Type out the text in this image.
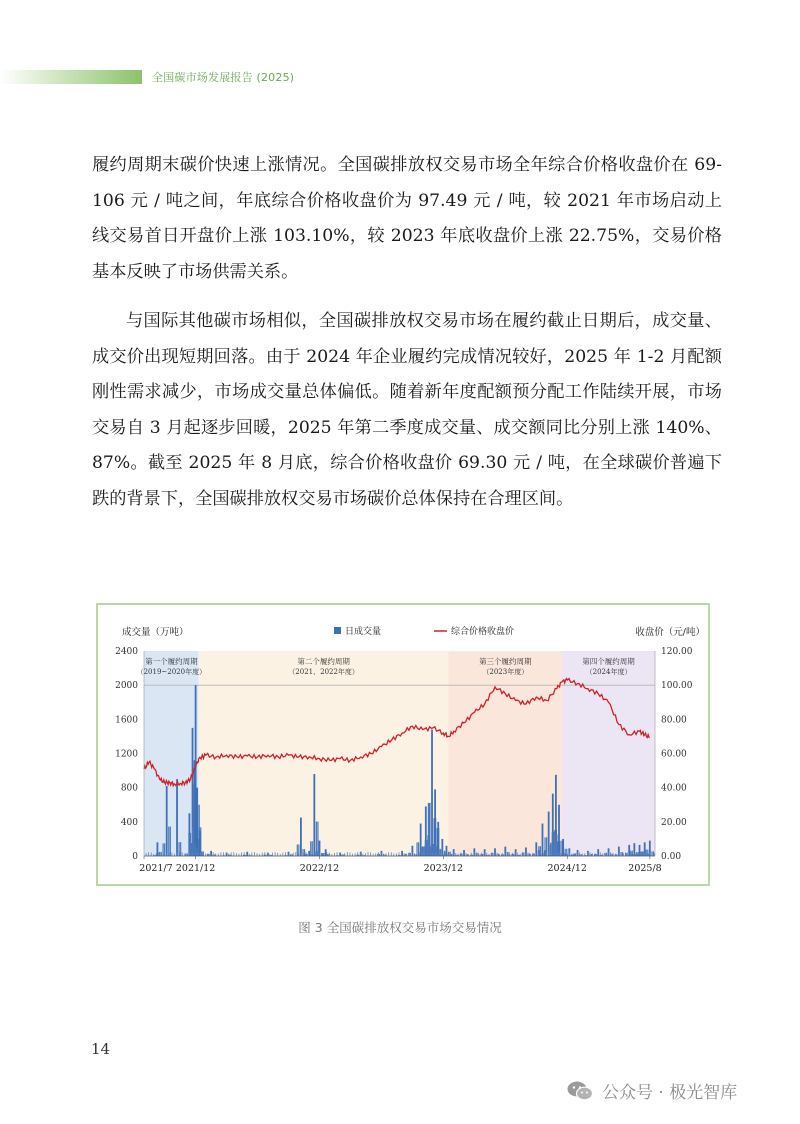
全国碳市场发展报告 (2025)

履约周期末碳价快速上涨情况。全国碳排放权交易市场全年综合价格收盘价在 69-106 元 / 吨之间，年底综合价格收盘价为 97.49 元 / 吨，较 2021 年市场启动上线交易首日开盘价上涨 103.10%，较 2023 年底收盘价上涨 22.75%，交易价格基本反映了市场供需关系。

与国际其他碳市场相似，全国碳排放权交易市场在履约截止日期后，成交量、成交价出现短期回落。由于 2024 年企业履约完成情况较好，2025 年 1-2 月配额刚性需求减少，市场成交量总体偏低。随着新年度配额预分配工作陆续开展，市场交易自 3 月起逐步回暖，2025 年第二季度成交量、成交额同比分别上涨 140%、87%。截至 2025 年 8 月底，综合价格收盘价 69.30 元 / 吨，在全球碳价普遍下跌的背景下，全国碳排放权交易市场碳价总体保持在合理区间。

第一个履约周期
（2019~2020年度）
第二个履约周期
（2021、2022年度）
第三个履约周期
（2023年度）
第四个履约周期
（2024年度）
0
400
800
1200
1600
2000
2400
0.00
20.00
40.00
60.00
80.00
100.00
120.00
2021/7 2021/12	2022/12	2023/12	2024/12	2025/8
成交量（万吨）	收盘价（元/吨）
日成交量	综合价格收盘价
图 3 全国碳排放权交易市场交易情况
14
公众号 · 极光智库
